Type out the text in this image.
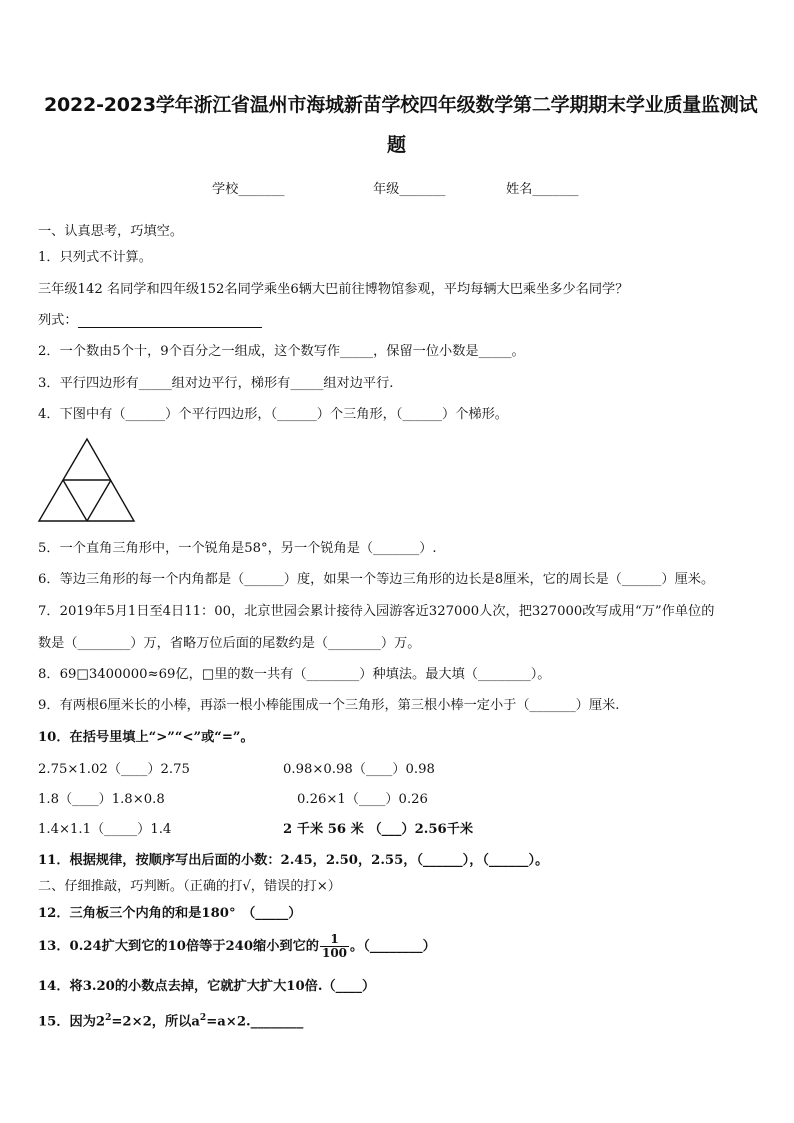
2022-2023学年浙江省温州市海城新苗学校四年级数学第二学期期末学业质量监测试
题
学校_______	年级_______	姓名_______
一、认真思考，巧填空。
1．只列式不计算。
三年级142 名同学和四年级152名同学乘坐6辆大巴前往博物馆参观，平均每辆大巴乘坐多少名同学？
列式：
2．一个数由5个十，9个百分之一组成，这个数写作_____，保留一位小数是_____。
3．平行四边形有_____组对边平行，梯形有_____组对边平行.
4．下图中有（______）个平行四边形，（______）个三角形，（______）个梯形。
5．一个直角三角形中，一个锐角是58°，另一个锐角是（_______）.
6．等边三角形的每一个内角都是（______）度，如果一个等边三角形的边长是8厘米，它的周长是（______）厘米。
7．2019年5月1日至4日11：00，北京世园会累计接待入园游客近327000人次，把327000改写成用“万”作单位的
数是（________）万，省略万位后面的尾数约是（________）万。
8．69□3400000≈69亿，□里的数一共有（________）种填法。最大填（________）。
9．有两根6厘米长的小棒，再添一根小棒能围成一个三角形，第三根小棒一定小于（_______）厘米.
10．在括号里填上“>”“<”或“=”。
2.75×1.02（____）2.75	0.98×0.98（____）0.98
1.8（____）1.8×0.8	0.26×1（____）0.26
1.4×1.1（_____）1.4	2 千米 56 米 （___）2.56千米
11．根据规律，按顺序写出后面的小数：2.45，2.50，2.55，（______），（______）。
二、仔细推敲，巧判断。（正确的打√，错误的打×）
12．三角板三个内角的和是180°　（_____）
13．0.24扩大到它的10倍等于240缩小到它的 $\frac{1}{100}$ 。（________）
14．将3.20的小数点去掉，它就扩大扩大10倍.（____）
15．因为$2^2=2\times 2$，所以$a^2=a\times 2.\_\_\_\_\_\_\_\_$
